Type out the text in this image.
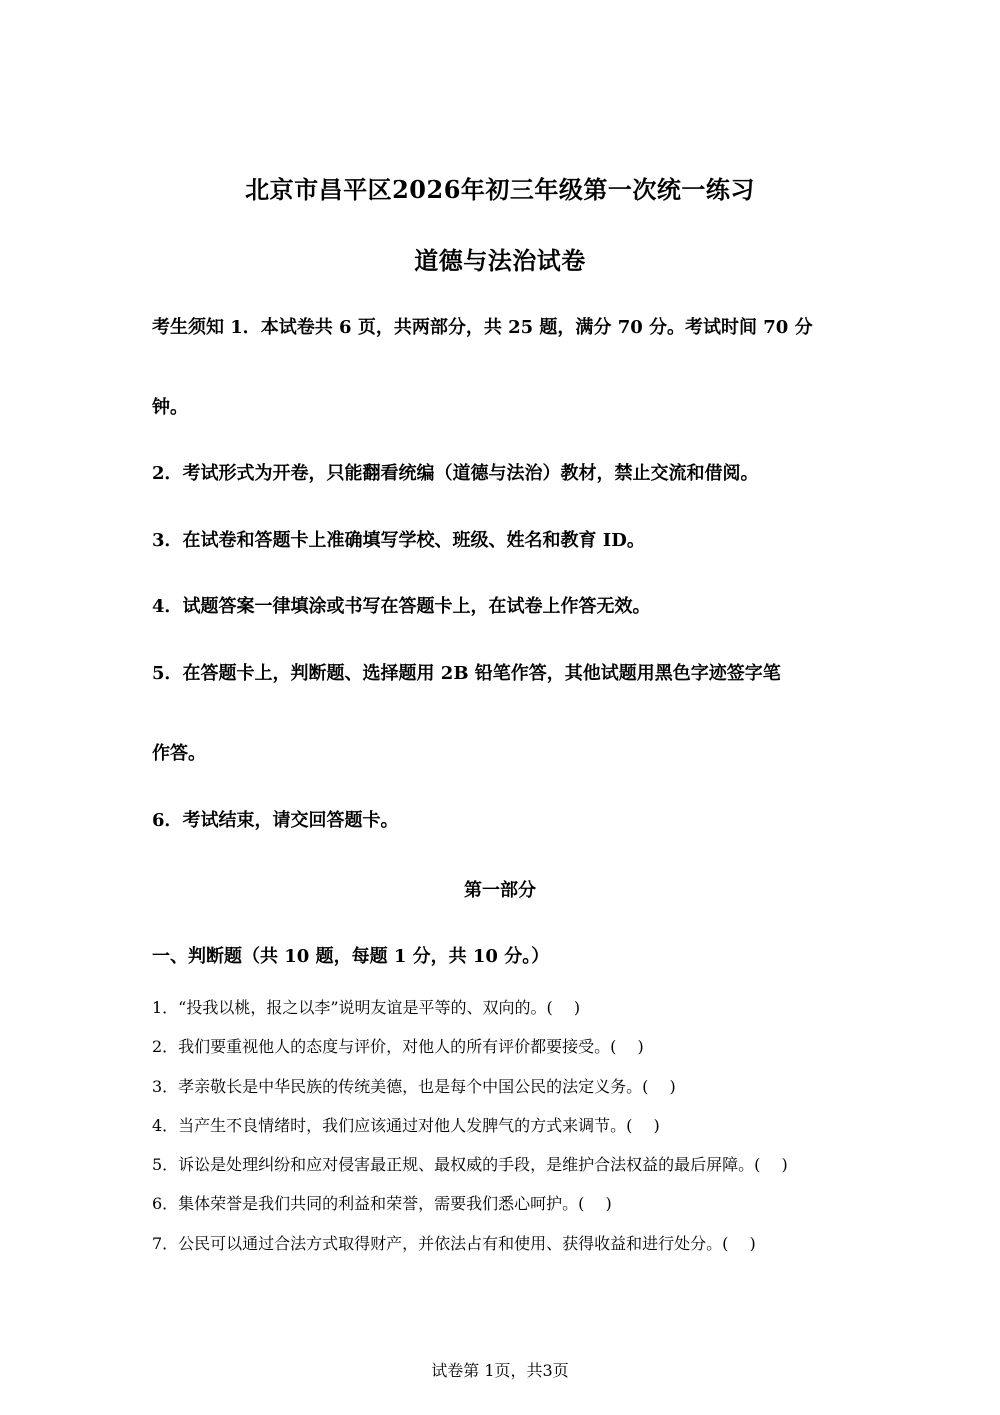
北京市昌平区2026年初三年级第一次统一练习
道德与法治试卷
考生须知 1．本试卷共 6 页，共两部分，共 25 题，满分 70 分。考试时间 70 分
钟。
2．考试形式为开卷，只能翻看统编（道德与法治）教材，禁止交流和借阅。
3．在试卷和答题卡上准确填写学校、班级、姓名和教育 ID。
4．试题答案一律填涂或书写在答题卡上，在试卷上作答无效。
5．在答题卡上，判断题、选择题用 2B 铅笔作答，其他试题用黑色字迹签字笔
作答。
6．考试结束，请交回答题卡。
第一部分
一、判断题（共 10 题，每题 1 分，共 10 分。）
1．“投我以桃，报之以李”说明友谊是平等的、双向的。(　 )
2．我们要重视他人的态度与评价，对他人的所有评价都要接受。(　 )
3．孝亲敬长是中华民族的传统美德，也是每个中国公民的法定义务。(　 )
4．当产生不良情绪时，我们应该通过对他人发脾气的方式来调节。(　 )
5．诉讼是处理纠纷和应对侵害最正规、最权威的手段，是维护合法权益的最后屏障。(　 )
6．集体荣誉是我们共同的利益和荣誉，需要我们悉心呵护。(　 )
7．公民可以通过合法方式取得财产，并依法占有和使用、获得收益和进行处分。(　 )
试卷第 1页，共3页
